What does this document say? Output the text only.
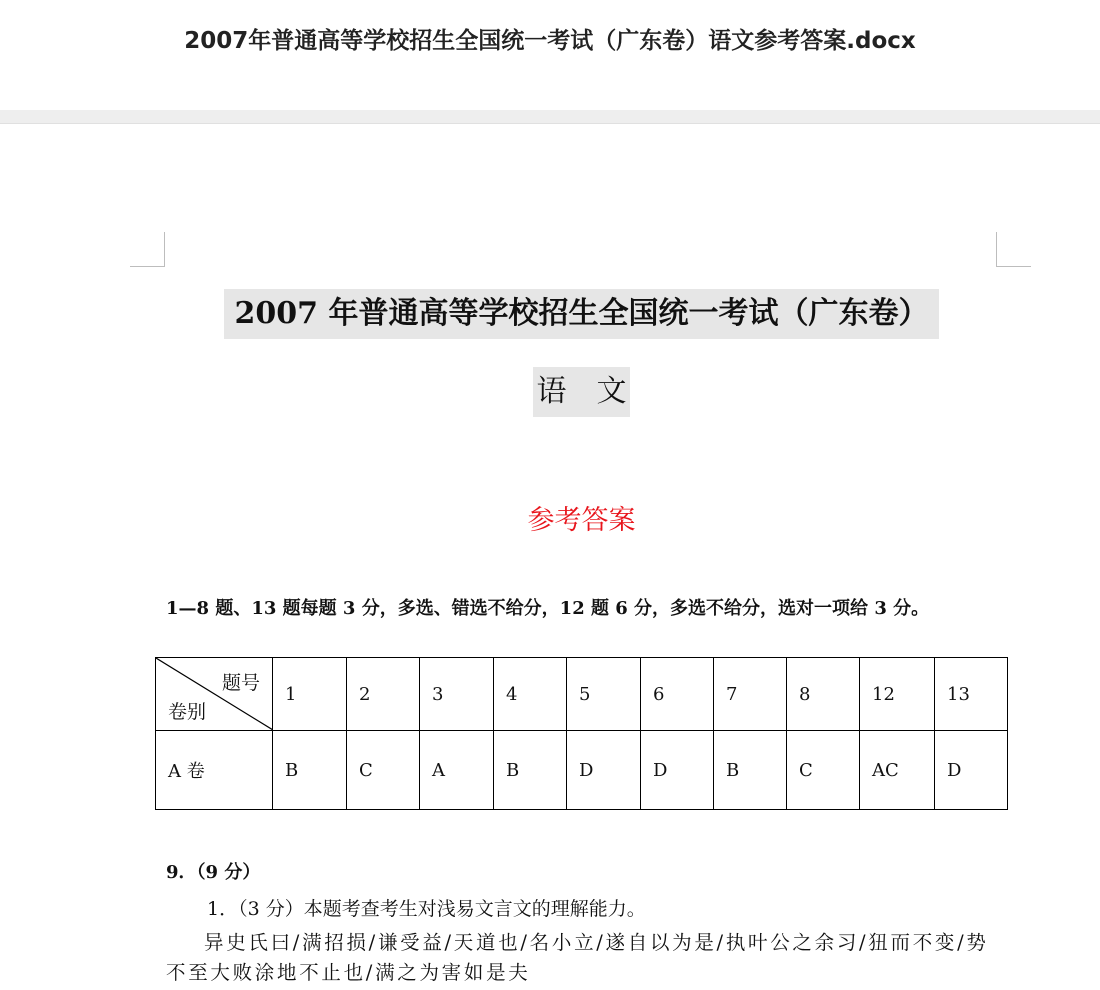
2007年普通高等学校招生全国统一考试（广东卷）语文参考答案.docx
2007 年普通高等学校招生全国统一考试（广东卷）
语　文
参考答案
1—8 题、13 题每题 3 分，多选、错选不给分，12 题 6 分，多选不给分，选对一项给 3 分。
题号
卷别	1	2	3	4	5	6	7	8	12	13
A 卷	B	C	A	B	D	D	B	C	AC	D
9．（9 分）
1．（3 分）本题考查考生对浅易文言文的理解能力。
异史氏曰/满招损/谦受益/天道也/名小立/遂自以为是/执叶公之余习/狃而不变/势不至大败涂地不止也/满之为害如是夫
